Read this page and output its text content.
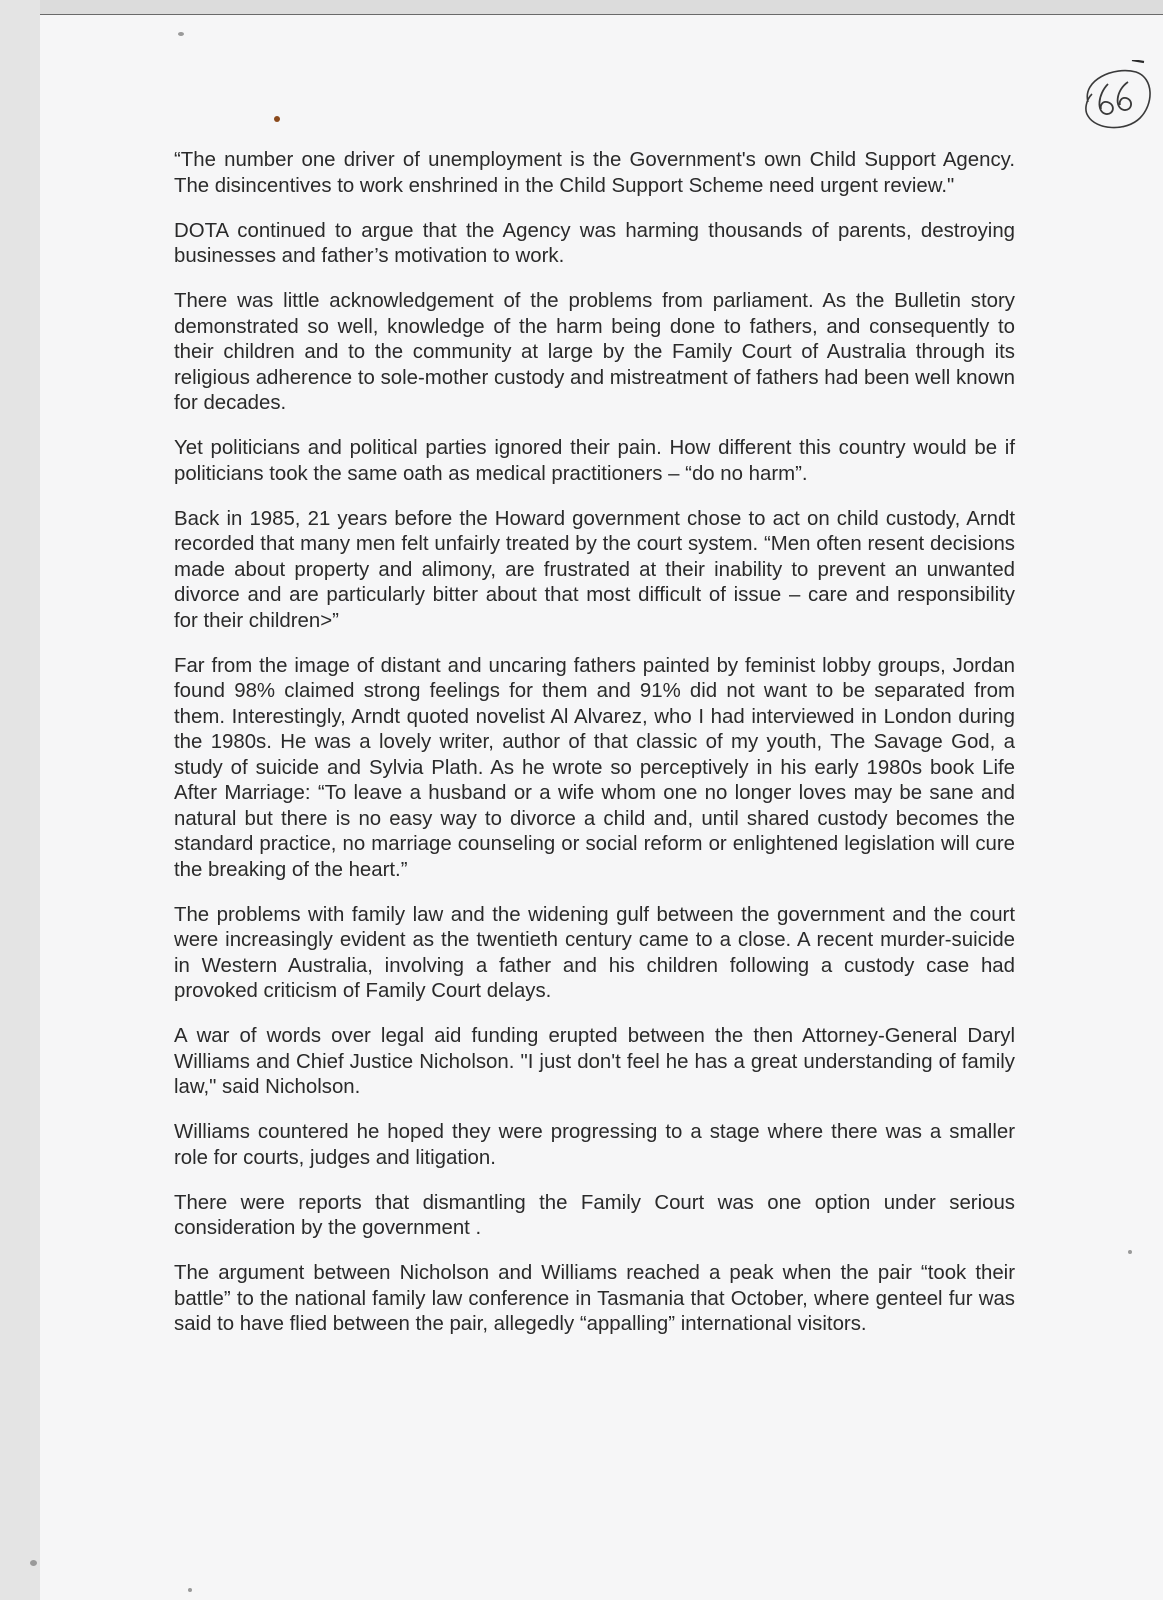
“The number one driver of unemployment is the Government's own Child Support Agency. The disincentives to work enshrined in the Child Support Scheme need urgent review."

DOTA continued to argue that the Agency was harming thousands of parents, destroying businesses and father’s motivation to work.

There was little acknowledgement of the problems from parliament. As the Bulletin story demonstrated so well, knowledge of the harm being done to fathers, and consequently to their children and to the community at large by the Family Court of Australia through its religious adherence to sole-mother custody and mistreatment of fathers had been well known for decades.

Yet politicians and political parties ignored their pain. How different this country would be if politicians took the same oath as medical practitioners – “do no harm”.

Back in 1985, 21 years before the Howard government chose to act on child custody, Arndt recorded that many men felt unfairly treated by the court system. “Men often resent decisions made about property and alimony, are frustrated at their inability to prevent an unwanted divorce and are particularly bitter about that most difficult of issue – care and responsibility for their children>”

Far from the image of distant and uncaring fathers painted by feminist lobby groups, Jordan found 98% claimed strong feelings for them and 91% did not want to be separated from them. Interestingly, Arndt quoted novelist Al Alvarez, who I had interviewed in London during the 1980s. He was a lovely writer, author of that classic of my youth, The Savage God, a study of suicide and Sylvia Plath. As he wrote so perceptively in his early 1980s book Life After Marriage: “To leave a husband or a wife whom one no longer loves may be sane and natural but there is no easy way to divorce a child and, until shared custody becomes the standard practice, no marriage counseling or social reform or enlightened legislation will cure the breaking of the heart.”

The problems with family law and the widening gulf between the government and the court were increasingly evident as the twentieth century came to a close. A recent murder-suicide in Western Australia, involving a father and his children following a custody case had provoked criticism of Family Court delays.

A war of words over legal aid funding erupted between the then Attorney-General Daryl Williams and Chief Justice Nicholson. "I just don't feel he has a great understanding of family law," said Nicholson.

Williams countered he hoped they were progressing to a stage where there was a smaller role for courts, judges and litigation.

There were reports that dismantling the Family Court was one option under serious consideration by the government .

The argument between Nicholson and Williams reached a peak when the pair “took their battle” to the national family law conference in Tasmania that October, where genteel fur was said to have flied between the pair, allegedly “appalling” international visitors.
